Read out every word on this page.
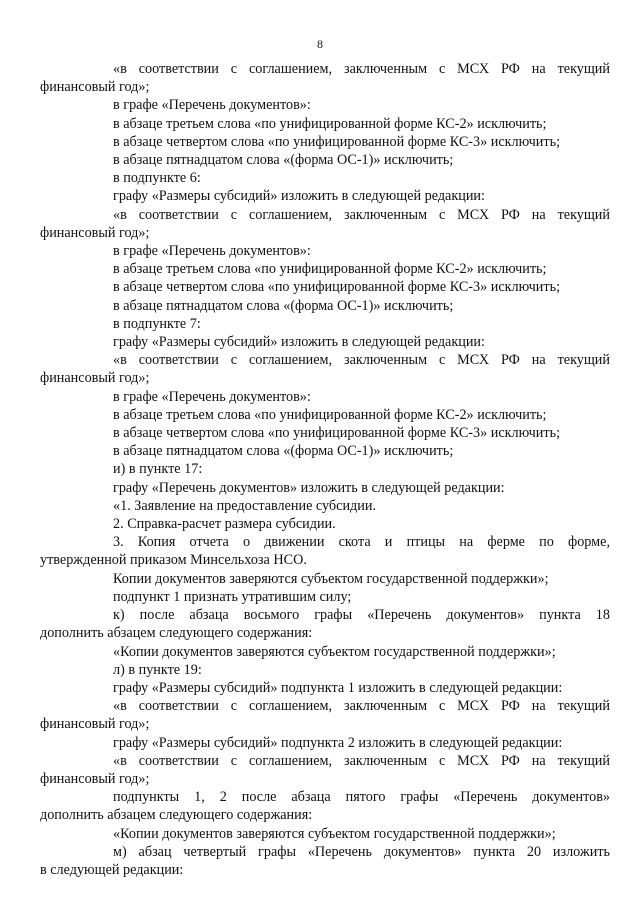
8
«в соответствии с соглашением, заключенным с МСХ РФ на текущий
финансовый год»;
в графе «Перечень документов»:
в абзаце третьем слова «по унифицированной форме КС-2» исключить;
в абзаце четвертом слова «по унифицированной форме КС-3» исключить;
в абзаце пятнадцатом слова «(форма ОС-1)» исключить;
в подпункте 6:
графу «Размеры субсидий» изложить в следующей редакции:
«в соответствии с соглашением, заключенным с МСХ РФ на текущий
финансовый год»;
в графе «Перечень документов»:
в абзаце третьем слова «по унифицированной форме КС-2» исключить;
в абзаце четвертом слова «по унифицированной форме КС-3» исключить;
в абзаце пятнадцатом слова «(форма ОС-1)» исключить;
в подпункте 7:
графу «Размеры субсидий» изложить в следующей редакции:
«в соответствии с соглашением, заключенным с МСХ РФ на текущий
финансовый год»;
в графе «Перечень документов»:
в абзаце третьем слова «по унифицированной форме КС-2» исключить;
в абзаце четвертом слова «по унифицированной форме КС-3» исключить;
в абзаце пятнадцатом слова «(форма ОС-1)» исключить;
и) в пункте 17:
графу «Перечень документов» изложить в следующей редакции:
«1. Заявление на предоставление субсидии.
2. Справка-расчет размера субсидии.
3. Копия отчета о движении скота и птицы на ферме по форме,
утвержденной приказом Минсельхоза НСО.
Копии документов заверяются субъектом государственной поддержки»;
подпункт 1 признать утратившим силу;
к) после абзаца восьмого графы «Перечень документов» пункта 18
дополнить абзацем следующего содержания:
«Копии документов заверяются субъектом государственной поддержки»;
л) в пункте 19:
графу «Размеры субсидий» подпункта 1 изложить в следующей редакции:
«в соответствии с соглашением, заключенным с МСХ РФ на текущий
финансовый год»;
графу «Размеры субсидий» подпункта 2 изложить в следующей редакции:
«в соответствии с соглашением, заключенным с МСХ РФ на текущий
финансовый год»;
подпункты 1, 2 после абзаца пятого графы «Перечень документов»
дополнить абзацем следующего содержания:
«Копии документов заверяются субъектом государственной поддержки»;
м) абзац четвертый графы «Перечень документов» пункта 20 изложить
в следующей редакции:
